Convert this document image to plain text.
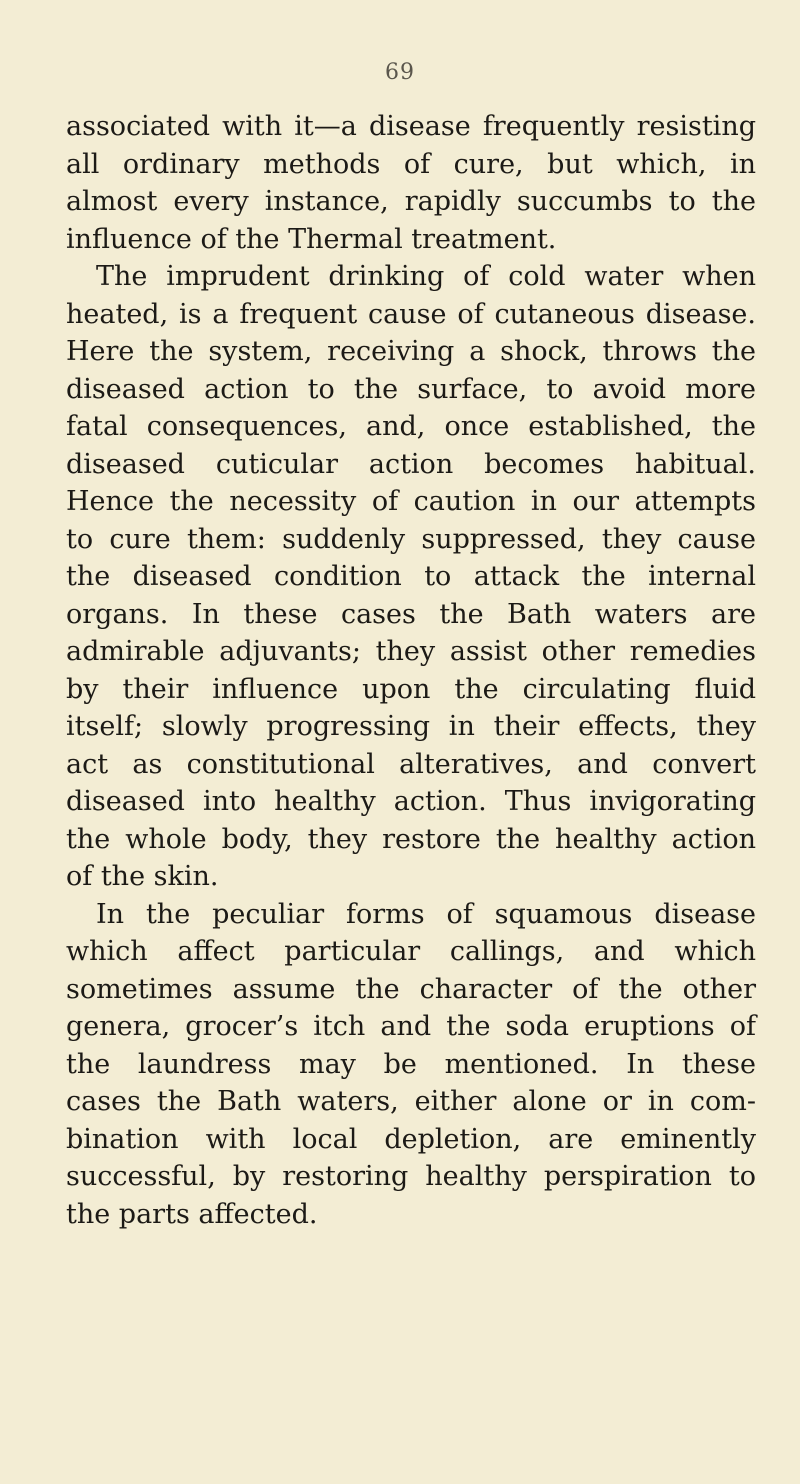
69
associated with it—a disease frequently resisting
all ordinary methods of cure, but which, in
almost every instance, rapidly succumbs to the
influence of the Thermal treatment.
The imprudent drinking of cold water when
heated, is a frequent cause of cutaneous disease.
Here the system, receiving a shock, throws the
diseased action to the surface, to avoid more
fatal consequences, and, once established, the
diseased cuticular action becomes habitual.
Hence the necessity of caution in our attempts
to cure them: suddenly suppressed, they cause
the diseased condition to attack the internal
organs. In these cases the Bath waters are
admirable adjuvants; they assist other remedies
by their influence upon the circulating fluid
itself; slowly progressing in their effects, they
act as constitutional alteratives, and convert
diseased into healthy action. Thus invigorating
the whole body, they restore the healthy action
of the skin.
In the peculiar forms of squamous disease
which affect particular callings, and which
sometimes assume the character of the other
genera, grocer’s itch and the soda eruptions of
the laundress may be mentioned. In these
cases the Bath waters, either alone or in com-
bination with local depletion, are eminently
successful, by restoring healthy perspiration to
the parts affected.
